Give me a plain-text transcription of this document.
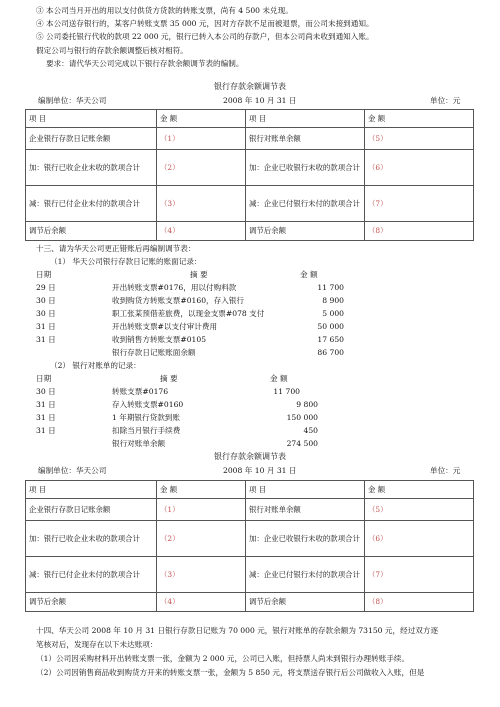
③ 本公司当月开出的用以支付供货方货款的转账支票，尚有 4 500 未兑现。
④ 本公司送存银行的，某客户转账支票 35 000 元，因对方存款不足而被退票，而公司未接到通知。
⑤ 公司委托银行代收的款项 22 000 元，银行已转入本公司的存款户，但本公司尚未收到通知入账。
假定公司与银行的存款余额调整后核对相符。
要求：请代华天公司完成以下银行存款余额调节表的编制。
银行存款余额调节表
编制单位：华天公司	2008 年 10 月 31 日	单位：元
项 目	金 额	项 目	金 额
企业银行存款日记账余额	（1）	银行对账单余额	（5）
加：银行已收企业未收的款项合计	（2）	加：企业已收银行未收的款项合计	（6）
减：银行已付企业未付的款项合计	（3）	减：企业已付银行未付的款项合计	（7）
调节后余额	（4）	调节后余额	（8）
十三、请为华天公司更正错账后再编制调节表：
（1） 华天公司银行存款日记账的账面记录：
日期	摘 要	金 额
29 日	开出转账支票#0176，用以付购料款	11 700
30 日	收到购货方转账支票#0160，存入银行	8 900
30 日	职工张某预借差旅费，以现金支票#078 支付	5 000
31 日	开出转账支票#以支付审计费用	50 000
31 日	收到销售方转账支票#0105	17 650
银行存款日记账账面余额	86 700
（2） 银行对账单的记录：
日期	摘 要	金 额
30 日	转账支票#0176	11 700
31 日	存入转账支票#0160	9 800
31 日	1 年期银行贷款到账	150 000
31 日	扣除当月银行手续费	450
银行对账单余额	274 500
银行存款余额调节表
编制单位：华天公司	2008 年 10 月 31 日	单位：元
项 目	金 额	项 目	金 额
企业银行存款日记账余额	（1）	银行对账单余额	（5）
加：银行已收企业未收的款项合计	（2）	加：企业已收银行未收的款项合计	（6）
减：银行已付企业未付的款项合计	（3）	减：企业已付银行未付的款项合计	（7）
调节后余额	（4）	调节后余额	（8）
十四、华天公司 2008 年 10 月 31 日银行存款日记账为 70 000 元，银行对账单的存款余额为 73150 元，经过双方逐
笔核对后，发现存在以下未达账项：
（1）公司因采购材料开出转账支票一张，金额为 2 000 元，公司已入账，但持票人尚未到银行办理转账手续。
（2）公司因销售商品收到购货方开来的转账支票一张，金额为 5 850 元，将支票送存银行后公司做收入入账，但是
